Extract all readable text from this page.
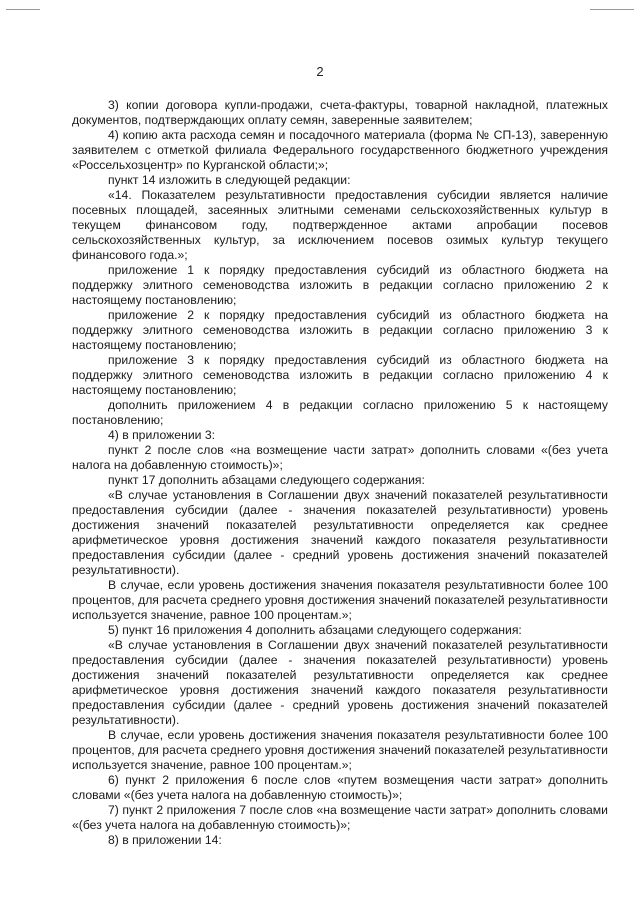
2

3) копии договора купли-продажи, счета-фактуры, товарной накладной, платежных документов, подтверждающих оплату семян, заверенные заявителем;

4) копию акта расхода семян и посадочного материала (форма № СП-13), заверенную заявителем с отметкой филиала Федерального государственного бюджетного учреждения «Россельхозцентр» по Курганской области;»;

пункт 14 изложить в следующей редакции:

«14. Показателем результативности предоставления субсидии является наличие посевных площадей, засеянных элитными семенами сельскохозяйственных культур в текущем финансовом году, подтвержденное актами апробации посевов сельскохозяйственных культур, за исключением посевов озимых культур текущего финансового года.»;

приложение 1 к порядку предоставления субсидий из областного бюджета на поддержку элитного семеноводства изложить в редакции согласно приложению 2 к настоящему постановлению;

приложение 2 к порядку предоставления субсидий из областного бюджета на поддержку элитного семеноводства изложить в редакции согласно приложению 3 к настоящему постановлению;

приложение 3 к порядку предоставления субсидий из областного бюджета на поддержку элитного семеноводства изложить в редакции согласно приложению 4 к настоящему постановлению;

дополнить приложением 4 в редакции согласно приложению 5 к настоящему постановлению;

4) в приложении 3:

пункт 2 после слов «на возмещение части затрат» дополнить словами «(без учета налога на добавленную стоимость)»;

пункт 17 дополнить абзацами следующего содержания:

«В случае установления в Соглашении двух значений показателей результативности предоставления субсидии (далее - значения показателей результативности) уровень достижения значений показателей результативности определяется как среднее арифметическое уровня достижения значений каждого показателя результативности предоставления субсидии (далее - средний уровень достижения значений показателей результативности).

В случае, если уровень достижения значения показателя результативности более 100 процентов, для расчета среднего уровня достижения значений показателей результативности используется значение, равное 100 процентам.»;

5) пункт 16 приложения 4 дополнить абзацами следующего содержания:

«В случае установления в Соглашении двух значений показателей результативности предоставления субсидии (далее - значения показателей результативности) уровень достижения значений показателей результативности определяется как среднее арифметическое уровня достижения значений каждого показателя результативности предоставления субсидии (далее - средний уровень достижения значений показателей результативности).

В случае, если уровень достижения значения показателя результативности более 100 процентов, для расчета среднего уровня достижения значений показателей результативности используется значение, равное 100 процентам.»;

6) пункт 2 приложения 6 после слов «путем возмещения части затрат» дополнить словами «(без учета налога на добавленную стоимость)»;

7) пункт 2 приложения 7 после слов «на возмещение части затрат» дополнить словами «(без учета налога на добавленную стоимость)»;

8) в приложении 14:
